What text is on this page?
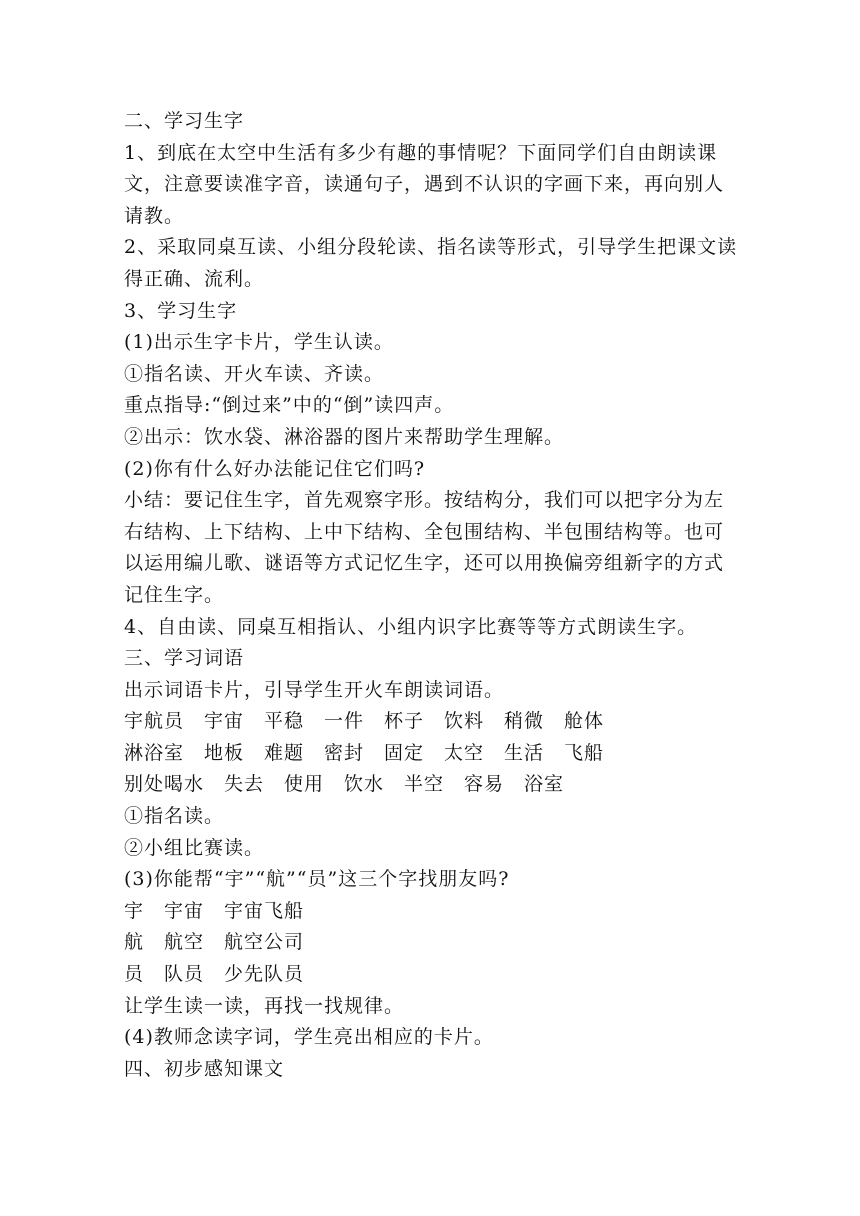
二、学习生字

1、到底在太空中生活有多少有趣的事情呢？下面同学们自由朗读课

文，注意要读准字音，读通句子，遇到不认识的字画下来，再向别人

请教。

2、采取同桌互读、小组分段轮读、指名读等形式，引导学生把课文读

得正确、流利。

3、学习生字

(1)出示生字卡片，学生认读。

①指名读、开火车读、齐读。

重点指导:“倒过来”中的“倒”读四声。

②出示：饮水袋、淋浴器的图片来帮助学生理解。

(2)你有什么好办法能记住它们吗?

小结：要记住生字，首先观察字形。按结构分，我们可以把字分为左

右结构、上下结构、上中下结构、全包围结构、半包围结构等。也可

以运用编儿歌、谜语等方式记忆生字，还可以用换偏旁组新字的方式

记住生字。

4、自由读、同桌互相指认、小组内识字比赛等等方式朗读生字。

三、学习词语

出示词语卡片，引导学生开火车朗读词语。

宇航员　宇宙　平稳　一件　杯子　饮料　稍微　舱体

淋浴室　地板　难题　密封　固定　太空　生活　飞船

别处喝水　失去　使用　饮水　半空　容易　浴室

①指名读。

②小组比赛读。

(3)你能帮“宇”“航”“员”这三个字找朋友吗?

宇　宇宙　宇宙飞船

航　航空　航空公司

员　队员　少先队员

让学生读一读，再找一找规律。

(4)教师念读字词，学生亮出相应的卡片。

四、初步感知课文
